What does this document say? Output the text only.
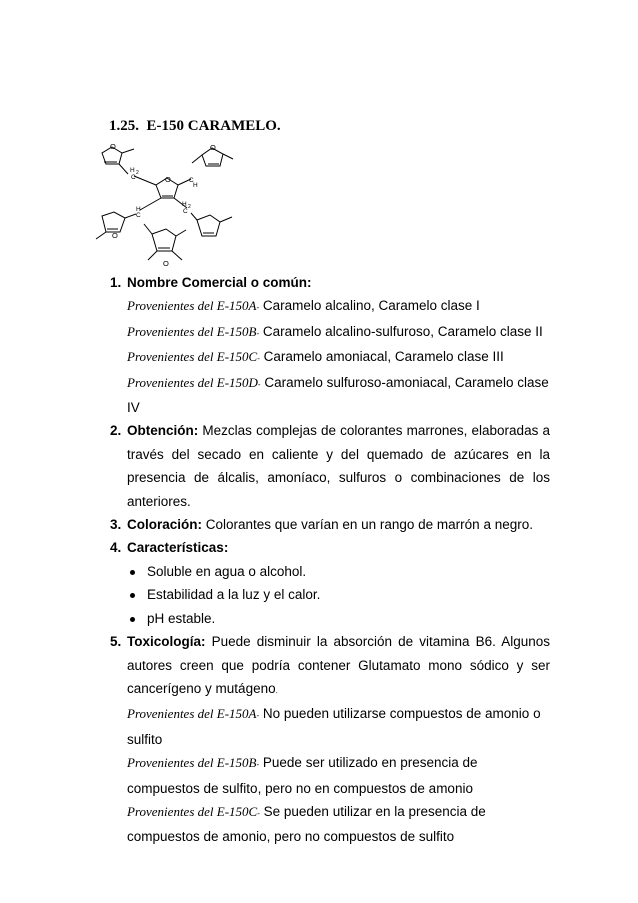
1.25. E-150 CARAMELO.
O	O
O
O
O
H 2
C	C
H
H
C
H 2
C
1. Nombre Comercial o común:

Provenientes del E-150A- Caramelo alcalino, Caramelo clase I

Provenientes del E-150B- Caramelo alcalino-sulfuroso, Caramelo clase II

Provenientes del E-150C- Caramelo amoniacal, Caramelo clase III

Provenientes del E-150D- Caramelo sulfuroso-amoniacal, Caramelo clase IV

2. Obtención: Mezclas complejas de colorantes marrones, elaboradas a través del secado en caliente y del quemado de azúcares en la presencia de álcalis, amoníaco, sulfuros o combinaciones de los anteriores.

3. Coloración: Colorantes que varían en un rango de marrón a negro.

4. Características:

Soluble en agua o alcohol.
Estabilidad a la luz y el calor.
pH estable.
5. Toxicología: Puede disminuir la absorción de vitamina B6. Algunos autores creen que podría contener Glutamato mono sódico y ser cancerígeno y mutágeno.

Provenientes del E-150A- No pueden utilizarse compuestos de amonio o sulfito

Provenientes del E-150B- Puede ser utilizado en presencia de compuestos de sulfito, pero no en compuestos de amonio

Provenientes del E-150C- Se pueden utilizar en la presencia de compuestos de amonio, pero no compuestos de sulfito
